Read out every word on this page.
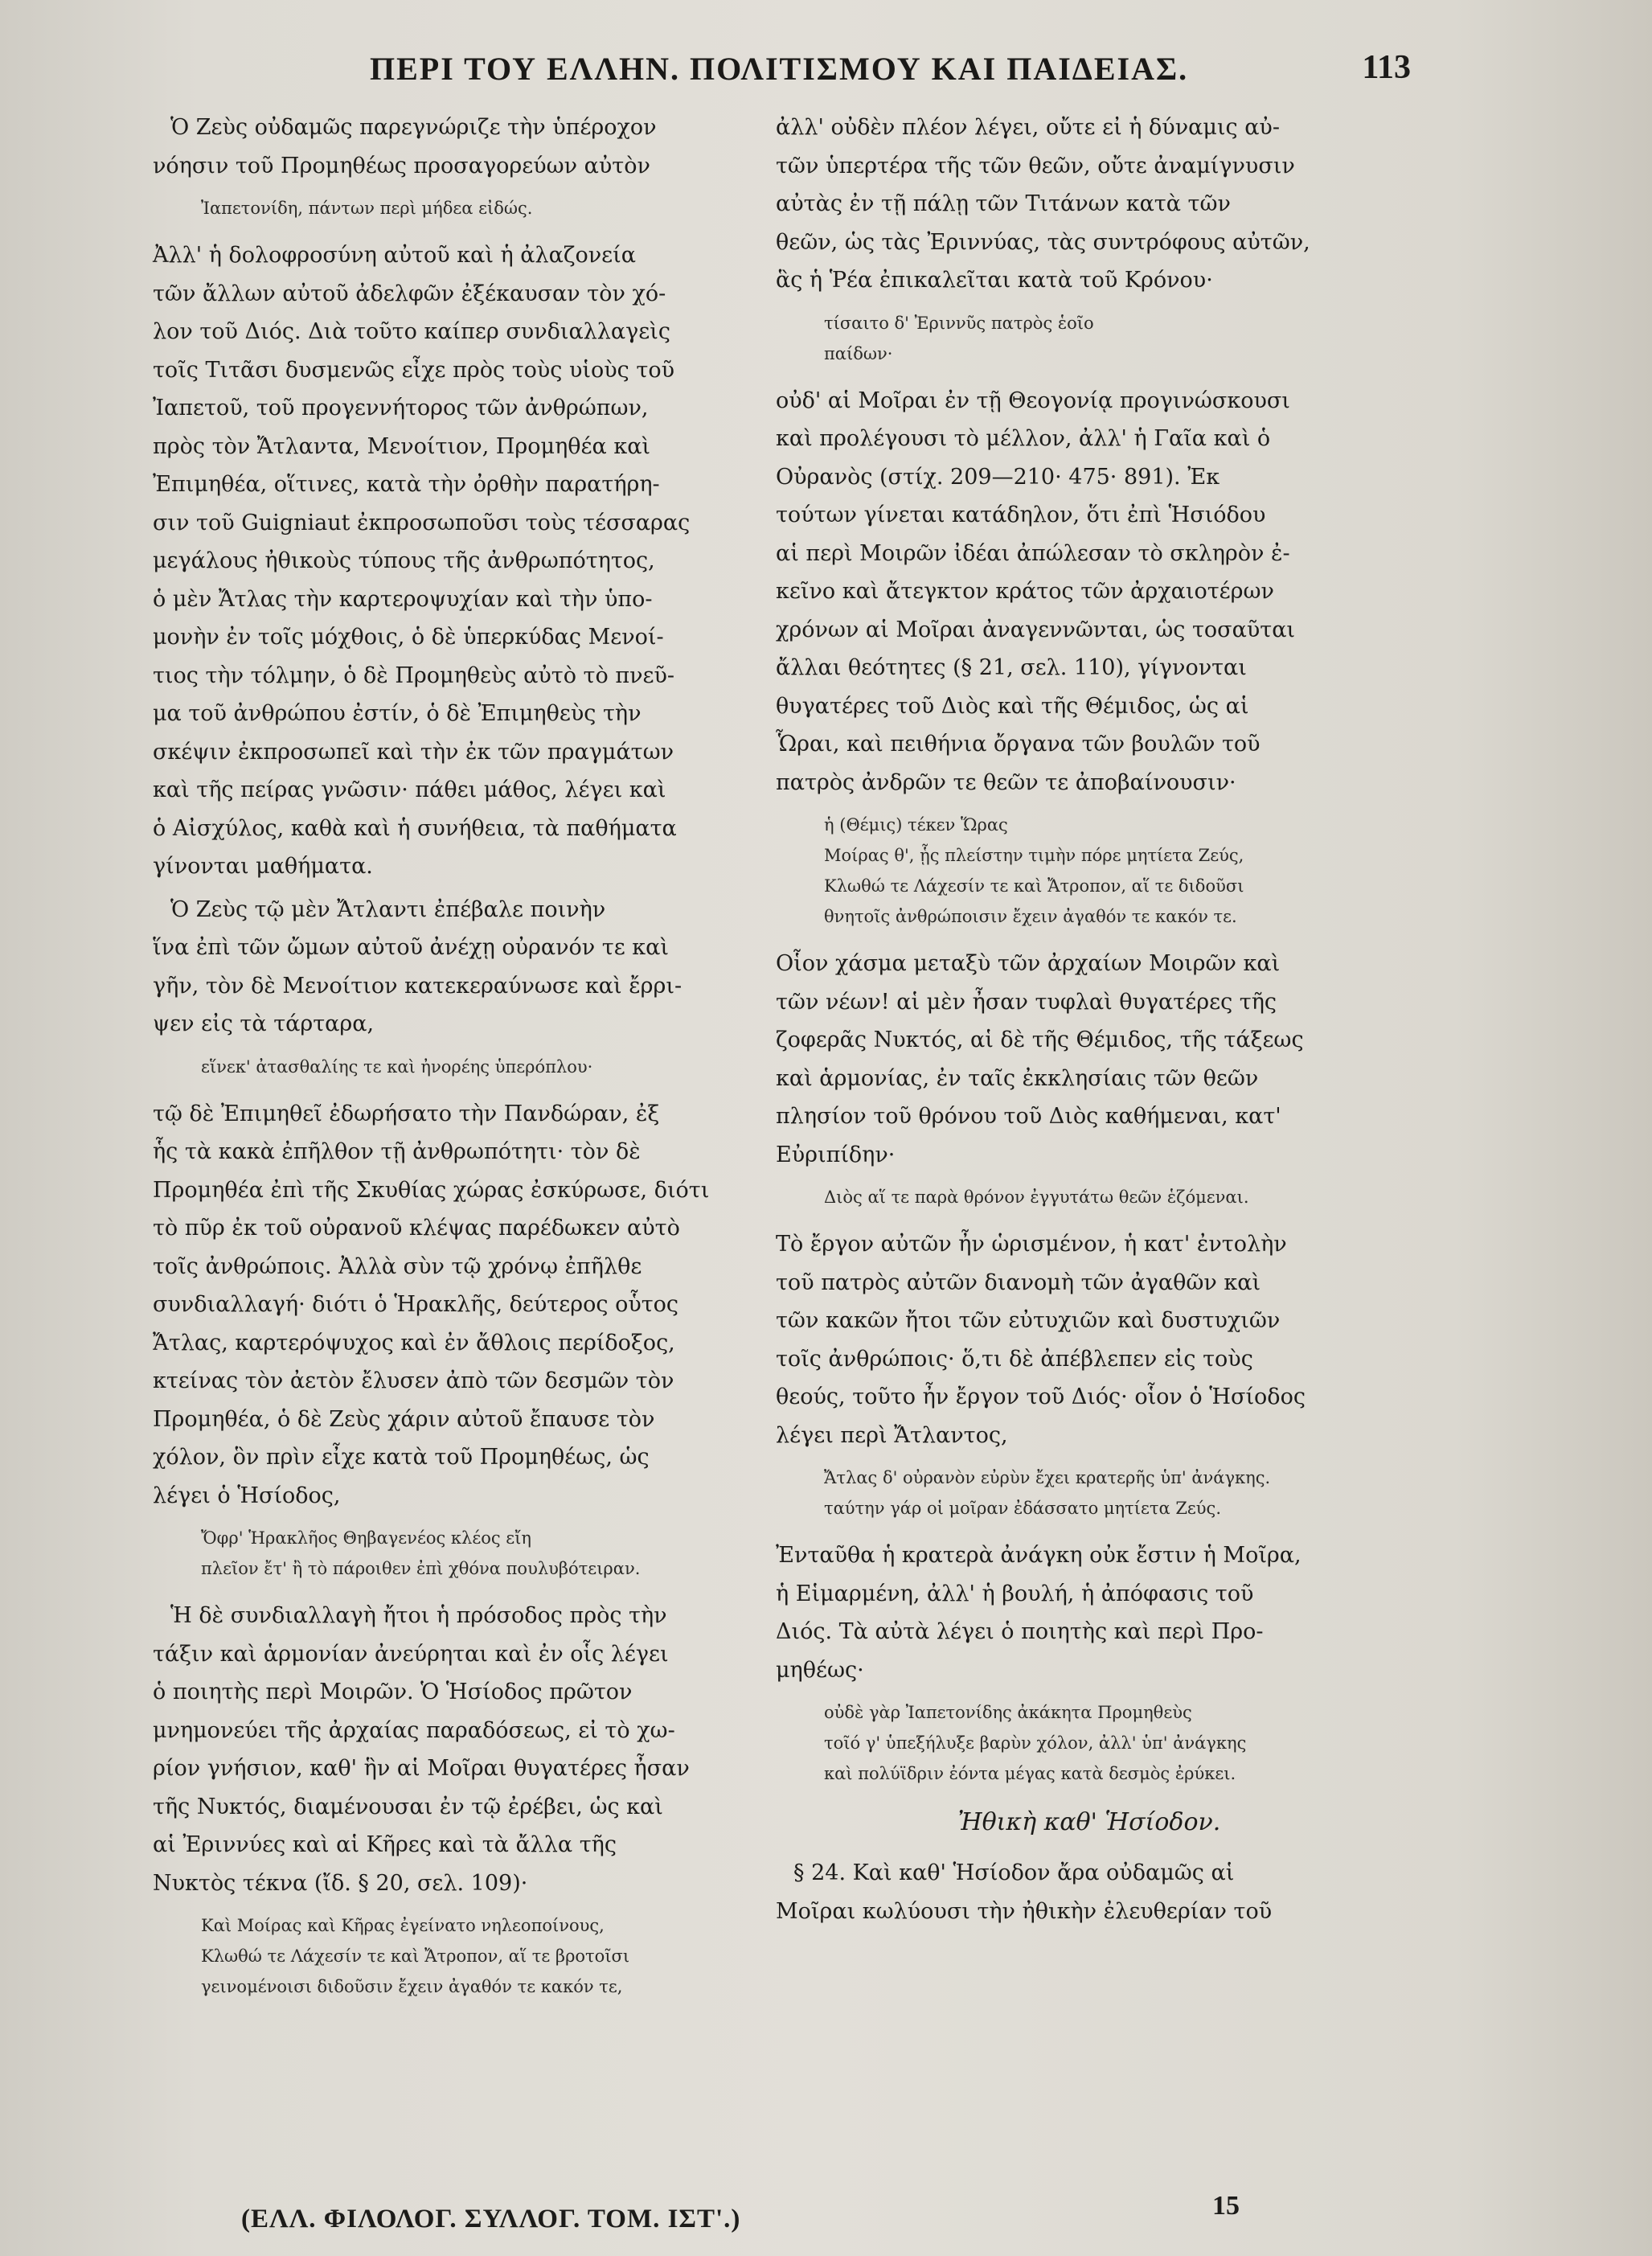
ΠΕΡΙ ΤΟΥ ΕΛΛΗΝ. ΠΟΛΙΤΙΣΜΟΥ ΚΑΙ ΠΑΙΔΕΙΑΣ.	113

Ὁ Ζεὺς οὐδαμῶς παρεγνώριζε τὴν ὑπέροχον
νόησιν τοῦ Προμηθέως προσαγορεύων αὐτὸν

Ἰαπετονίδη, πάντων περὶ μήδεα εἰδώς.

Ἀλλ' ἡ δολοφροσύνη αὐτοῦ καὶ ἡ ἀλαζονεία
τῶν ἄλλων αὐτοῦ ἀδελφῶν ἐξέκαυσαν τὸν χό-
λον τοῦ Διός. Διὰ τοῦτο καίπερ συνδιαλλαγεὶς
τοῖς Τιτᾶσι δυσμενῶς εἶχε πρὸς τοὺς υἱοὺς τοῦ
Ἰαπετοῦ, τοῦ προγεννήτορος τῶν ἀνθρώπων,
πρὸς τὸν Ἄτλαντα, Μενοίτιον, Προμηθέα καὶ
Ἐπιμηθέα, οἵτινες, κατὰ τὴν ὀρθὴν παρατήρη-
σιν τοῦ Guigniaut ἐκπροσωποῦσι τοὺς τέσσαρας
μεγάλους ἠθικοὺς τύπους τῆς ἀνθρωπότητος,
ὁ μὲν Ἄτλας τὴν καρτεροψυχίαν καὶ τὴν ὑπο-
μονὴν ἐν τοῖς μόχθοις, ὁ δὲ ὑπερκύδας Μενοί-
τιος τὴν τόλμην, ὁ δὲ Προμηθεὺς αὐτὸ τὸ πνεῦ-
μα τοῦ ἀνθρώπου ἐστίν, ὁ δὲ Ἐπιμηθεὺς τὴν
σκέψιν ἐκπροσωπεῖ καὶ τὴν ἐκ τῶν πραγμάτων
καὶ τῆς πείρας γνῶσιν· πάθει μάθος, λέγει καὶ
ὁ Αἰσχύλος, καθὰ καὶ ἡ συνήθεια, τὰ παθήματα
γίνονται μαθήματα.

Ὁ Ζεὺς τῷ μὲν Ἄτλαντι ἐπέβαλε ποινὴν
ἵνα ἐπὶ τῶν ὤμων αὐτοῦ ἀνέχῃ οὐρανόν τε καὶ
γῆν, τὸν δὲ Μενοίτιον κατεκεραύνωσε καὶ ἔρρι-
ψεν εἰς τὰ τάρταρα,

εἵνεκ' ἀτασθαλίης τε καὶ ἠνορέης ὑπερόπλου·

τῷ δὲ Ἐπιμηθεῖ ἐδωρήσατο τὴν Πανδώραν, ἐξ
ἧς τὰ κακὰ ἐπῆλθον τῇ ἀνθρωπότητι· τὸν δὲ
Προμηθέα ἐπὶ τῆς Σκυθίας χώρας ἐσκύρωσε, διότι
τὸ πῦρ ἐκ τοῦ οὐρανοῦ κλέψας παρέδωκεν αὐτὸ
τοῖς ἀνθρώποις. Ἀλλὰ σὺν τῷ χρόνῳ ἐπῆλθε
συνδιαλλαγή· διότι ὁ Ἡρακλῆς, δεύτερος οὗτος
Ἄτλας, καρτερόψυχος καὶ ἐν ἄθλοις περίδοξος,
κτείνας τὸν ἀετὸν ἔλυσεν ἀπὸ τῶν δεσμῶν τὸν
Προμηθέα, ὁ δὲ Ζεὺς χάριν αὐτοῦ ἔπαυσε τὸν
χόλον, ὃν πρὶν εἶχε κατὰ τοῦ Προμηθέως, ὡς
λέγει ὁ Ἡσίοδος,

Ὄφρ' Ἡρακλῆος Θηβαγενέος κλέος εἴη
πλεῖον ἔτ' ἢ τὸ πάροιθεν ἐπὶ χθόνα πουλυβότειραν.

Ἡ δὲ συνδιαλλαγὴ ἤτοι ἡ πρόσοδος πρὸς τὴν
τάξιν καὶ ἁρμονίαν ἀνεύρηται καὶ ἐν οἷς λέγει
ὁ ποιητὴς περὶ Μοιρῶν. Ὁ Ἡσίοδος πρῶτον
μνημονεύει τῆς ἀρχαίας παραδόσεως, εἰ τὸ χω-
ρίον γνήσιον, καθ' ἣν αἱ Μοῖραι θυγατέρες ἦσαν
τῆς Νυκτός, διαμένουσαι ἐν τῷ ἐρέβει, ὡς καὶ
αἱ Ἐριννύες καὶ αἱ Κῆρες καὶ τὰ ἄλλα τῆς
Νυκτὸς τέκνα (ἴδ. § 20, σελ. 109)·

Καὶ Μοίρας καὶ Κῆρας ἐγείνατο νηλεοποίνους,
Κλωθώ τε Λάχεσίν τε καὶ Ἄτροπον, αἵ τε βροτοῖσι
γεινομένοισι διδοῦσιν ἔχειν ἀγαθόν τε κακόν τε,

ἀλλ' οὐδὲν πλέον λέγει, οὔτε εἰ ἡ δύναμις αὐ-
τῶν ὑπερτέρα τῆς τῶν θεῶν, οὔτε ἀναμίγνυσιν
αὐτὰς ἐν τῇ πάλῃ τῶν Τιτάνων κατὰ τῶν
θεῶν, ὡς τὰς Ἐριννύας, τὰς συντρόφους αὐτῶν,
ἃς ἡ Ῥέα ἐπικαλεῖται κατὰ τοῦ Κρόνου·

τίσαιτο δ' Ἐριννῦς πατρὸς ἑοῖο
παίδων·

οὐδ' αἱ Μοῖραι ἐν τῇ Θεογονίᾳ προγινώσκουσι
καὶ προλέγουσι τὸ μέλλον, ἀλλ' ἡ Γαῖα καὶ ὁ
Οὐρανὸς (στίχ. 209—210· 475· 891). Ἐκ
τούτων γίνεται κατάδηλον, ὅτι ἐπὶ Ἡσιόδου
αἱ περὶ Μοιρῶν ἰδέαι ἀπώλεσαν τὸ σκληρὸν ἐ-
κεῖνο καὶ ἄτεγκτον κράτος τῶν ἀρχαιοτέρων
χρόνων αἱ Μοῖραι ἀναγεννῶνται, ὡς τοσαῦται
ἄλλαι θεότητες (§ 21, σελ. 110), γίγνονται
θυγατέρες τοῦ Διὸς καὶ τῆς Θέμιδος, ὡς αἱ
Ὧραι, καὶ πειθήνια ὄργανα τῶν βουλῶν τοῦ
πατρὸς ἀνδρῶν τε θεῶν τε ἀποβαίνουσιν·

ἡ (Θέμις) τέκεν Ὥρας
Μοίρας θ', ᾗς πλείστην τιμὴν πόρε μητίετα Ζεύς,
Κλωθώ τε Λάχεσίν τε καὶ Ἄτροπον, αἵ τε διδοῦσι
θνητοῖς ἀνθρώποισιν ἔχειν ἀγαθόν τε κακόν τε.

Οἷον χάσμα μεταξὺ τῶν ἀρχαίων Μοιρῶν καὶ
τῶν νέων! αἱ μὲν ἦσαν τυφλαὶ θυγατέρες τῆς
ζοφερᾶς Νυκτός, αἱ δὲ τῆς Θέμιδος, τῆς τάξεως
καὶ ἁρμονίας, ἐν ταῖς ἐκκλησίαις τῶν θεῶν
πλησίον τοῦ θρόνου τοῦ Διὸς καθήμεναι, κατ'
Εὐριπίδην·

Διὸς αἵ τε παρὰ θρόνον ἐγγυτάτω θεῶν ἑζόμεναι.

Τὸ ἔργον αὐτῶν ἦν ὡρισμένον, ἡ κατ' ἐντολὴν
τοῦ πατρὸς αὐτῶν διανομὴ τῶν ἀγαθῶν καὶ
τῶν κακῶν ἤτοι τῶν εὐτυχιῶν καὶ δυστυχιῶν
τοῖς ἀνθρώποις· ὅ,τι δὲ ἀπέβλεπεν εἰς τοὺς
θεούς, τοῦτο ἦν ἔργον τοῦ Διός· οἷον ὁ Ἡσίοδος
λέγει περὶ Ἄτλαντος,

Ἄτλας δ' οὐρανὸν εὐρὺν ἔχει κρατερῆς ὑπ' ἀνάγκης.
ταύτην γάρ οἱ μοῖραν ἐδάσσατο μητίετα Ζεύς.

Ἐνταῦθα ἡ κρατερὰ ἀνάγκη οὐκ ἔστιν ἡ Μοῖρα,
ἡ Εἱμαρμένη, ἀλλ' ἡ βουλή, ἡ ἀπόφασις τοῦ
Διός. Τὰ αὐτὰ λέγει ὁ ποιητὴς καὶ περὶ Προ-
μηθέως·

οὐδὲ γὰρ Ἰαπετονίδης ἀκάκητα Προμηθεὺς
τοῖό γ' ὑπεξήλυξε βαρὺν χόλον, ἀλλ' ὑπ' ἀνάγκης
καὶ πολύϊδριν ἐόντα μέγας κατὰ δεσμὸς ἐρύκει.
Ἠθικὴ καθ' Ἡσίοδον.

§ 24. Καὶ καθ' Ἡσίοδον ἄρα οὐδαμῶς αἱ
Μοῖραι κωλύουσι τὴν ἠθικὴν ἐλευθερίαν τοῦ

(ΕΛΛ. ΦΙΛΟΛΟΓ. ΣΥΛΛΟΓ. ΤΟΜ. ΙΣΤ'.)	15
